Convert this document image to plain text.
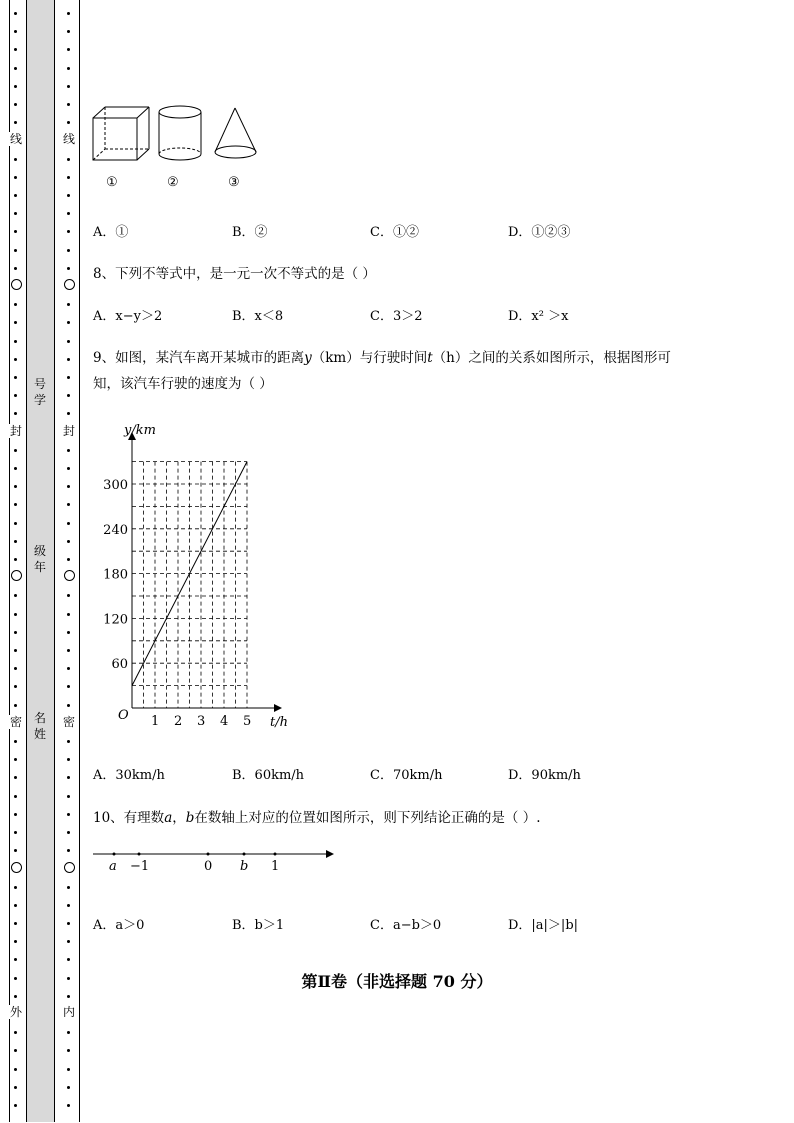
线
封
密
外
线
封
密
内
号学
级年
名姓
①	②	③
A．①	B．②	C．①②	D．①②③
8、下列不等式中，是一元一次不等式的是（ ）
A．x−y＞2	B．x＜8	C．3＞2	D．x² ＞x
9、如图，某汽车离开某城市的距离y（km）与行驶时间t（h）之间的关系如图所示，根据图形可
知，该汽车行驶的速度为（ ）
1 2 3 4 5
60
120
180
240
300
y/km
t/h
O
A．30km/h	B．60km/h	C．70km/h	D．90km/h
10、有理数a，b在数轴上对应的位置如图所示，则下列结论正确的是（ ）.
a −1	0 b 1
A．a＞0	B．b＞1	C．a−b＞0	D．|a|＞|b|
第Ⅱ卷（非选择题 70 分）
